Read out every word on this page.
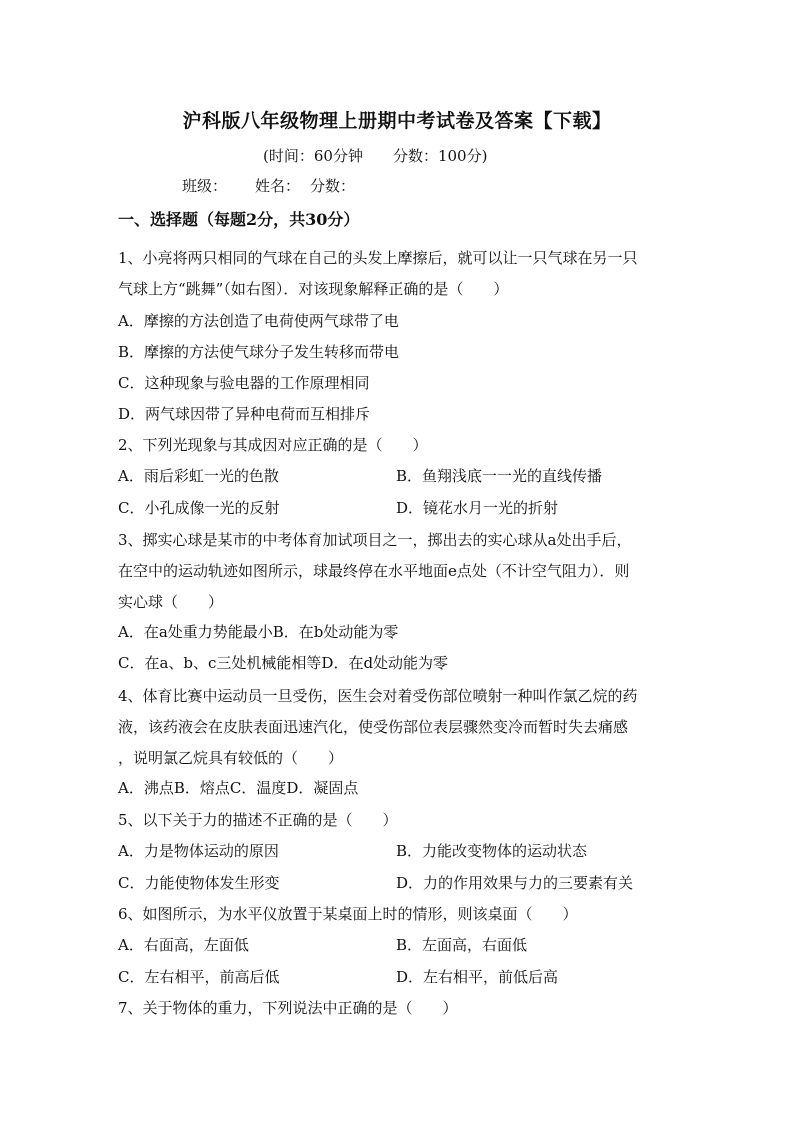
沪科版八年级物理上册期中考试卷及答案【下载】
(时间：60分钟　　分数：100分)
班级： 姓名： 分数：
一、选择题（每题2分，共30分）
1、小亮将两只相同的气球在自己的头发上摩擦后，就可以让一只气球在另一只
气球上方“跳舞”（如右图）．对该现象解释正确的是（　　）
A．摩擦的方法创造了电荷使两气球带了电
B．摩擦的方法使气球分子发生转移而带电
C．这种现象与验电器的工作原理相同
D．两气球因带了异种电荷而互相排斥
2、下列光现象与其成因对应正确的是（　　）
A．雨后彩虹一光的色散	B．鱼翔浅底一一光的直线传播
C．小孔成像一光的反射	D．镜花水月一光的折射
3、掷实心球是某市的中考体育加试项目之一，掷出去的实心球从a处出手后，
在空中的运动轨迹如图所示，球最终停在水平地面e点处（不计空气阻力）．则
实心球（　　）
A．在a处重力势能最小B．在b处动能为零
C．在a、b、c三处机械能相等D．在d处动能为零
4、体育比赛中运动员一旦受伤，医生会对着受伤部位喷射一种叫作氯乙烷的药
液，该药液会在皮肤表面迅速汽化，使受伤部位表层骤然变冷而暂时失去痛感
，说明氯乙烷具有较低的（　　）
A．沸点B．熔点C．温度D．凝固点
5、以下关于力的描述不正确的是（　　）
A．力是物体运动的原因	B．力能改变物体的运动状态
C．力能使物体发生形变	D．力的作用效果与力的三要素有关
6、如图所示，为水平仪放置于某桌面上时的情形，则该桌面（　　）
A．右面高，左面低	B．左面高，右面低
C．左右相平，前高后低	D．左右相平，前低后高
7、关于物体的重力，下列说法中正确的是（　　）
